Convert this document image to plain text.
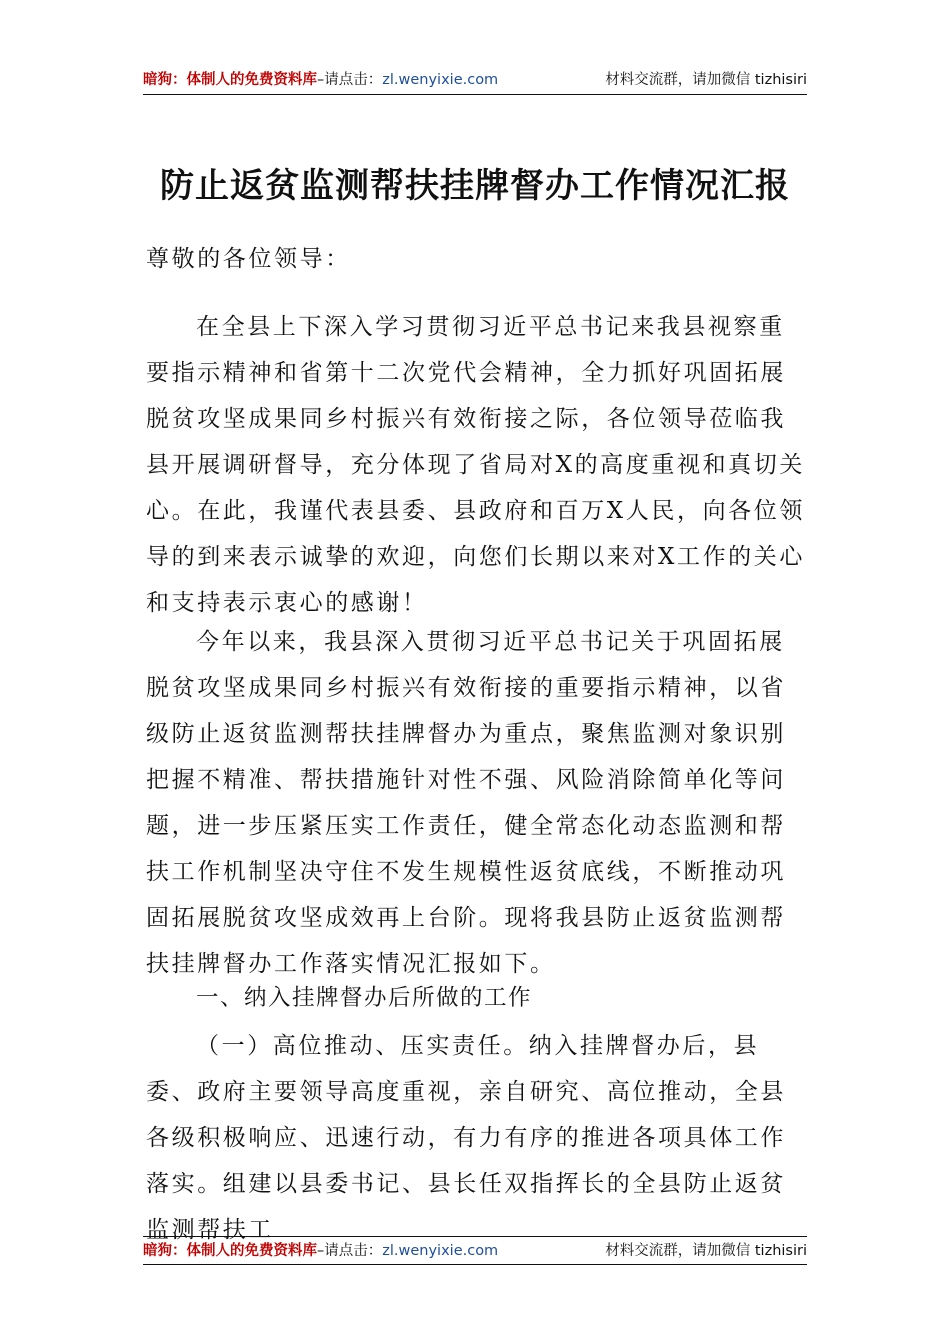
暗狗：体制人的免费资料库–请点击：zl.wenyixie.com	材料交流群，请加微信 tizhisiri
防止返贫监测帮扶挂牌督办工作情况汇报

尊敬的各位领导：

在全县上下深入学习贯彻习近平总书记来我县视察重要指示精神和省第十二次党代会精神，全力抓好巩固拓展脱贫攻坚成果同乡村振兴有效衔接之际，各位领导莅临我县开展调研督导，充分体现了省局对X的高度重视和真切关心。在此，我谨代表县委、县政府和百万X人民，向各位领导的到来表示诚挚的欢迎，向您们长期以来对X工作的关心和支持表示衷心的感谢！

今年以来，我县深入贯彻习近平总书记关于巩固拓展脱贫攻坚成果同乡村振兴有效衔接的重要指示精神，以省级防止返贫监测帮扶挂牌督办为重点，聚焦监测对象识别把握不精准、帮扶措施针对性不强、风险消除简单化等问题，进一步压紧压实工作责任，健全常态化动态监测和帮扶工作机制坚决守住不发生规模性返贫底线，不断推动巩固拓展脱贫攻坚成效再上台阶。现将我县防止返贫监测帮扶挂牌督办工作落实情况汇报如下。

一、纳入挂牌督办后所做的工作

（一）高位推动、压实责任。纳入挂牌督办后，县委、政府主要领导高度重视，亲自研究、高位推动，全县各级积极响应、迅速行动，有力有序的推进各项具体工作落实。组建以县委书记、县长任双指挥长的全县防止返贫监测帮扶工

暗狗：体制人的免费资料库–请点击：zl.wenyixie.com	材料交流群，请加微信 tizhisiri
